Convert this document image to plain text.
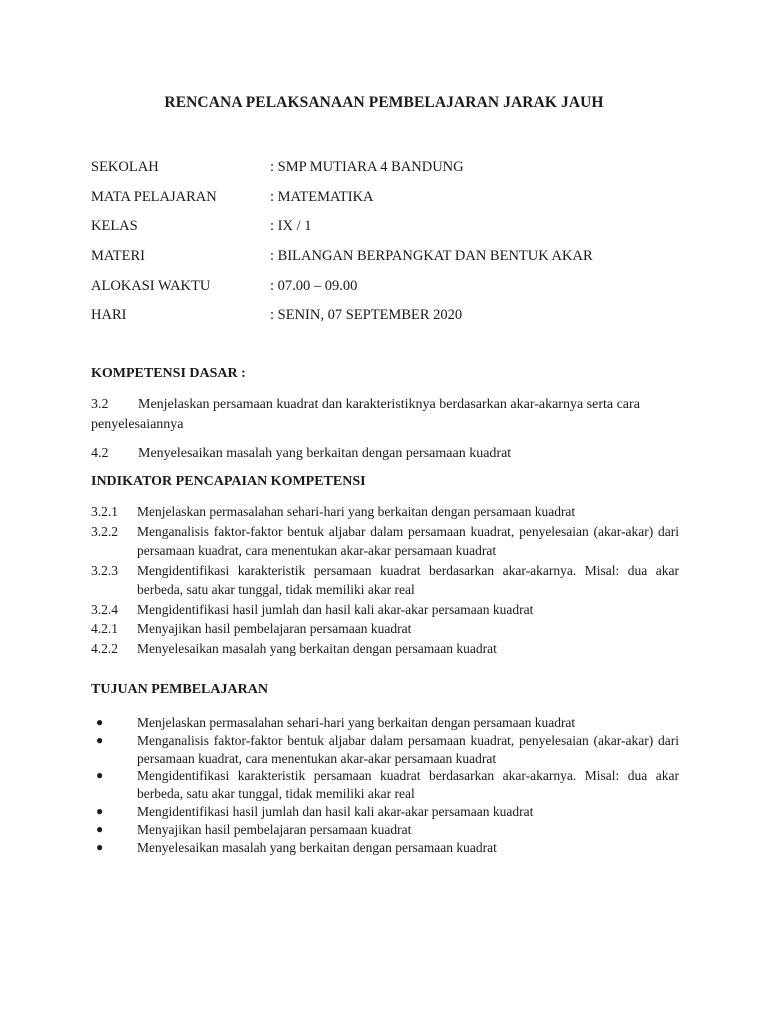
RENCANA PELAKSANAAN PEMBELAJARAN JARAK JAUH
SEKOLAH	: SMP MUTIARA 4 BANDUNG
MATA PELAJARAN	: MATEMATIKA
KELAS	: IX / 1
MATERI	: BILANGAN BERPANGKAT DAN BENTUK AKAR
ALOKASI WAKTU	: 07.00 – 09.00
HARI	: SENIN, 07 SEPTEMBER 2020
KOMPETENSI DASAR :
3.2 Menjelaskan persamaan kuadrat dan karakteristiknya berdasarkan akar-akarnya serta cara penyelesaiannya
4.2 Menyelesaikan masalah yang berkaitan dengan persamaan kuadrat
INDIKATOR PENCAPAIAN KOMPETENSI
3.2.1 Menjelaskan permasalahan sehari-hari yang berkaitan dengan persamaan kuadrat
3.2.2 Menganalisis faktor-faktor bentuk aljabar dalam persamaan kuadrat, penyelesaian (akar-akar) dari persamaan kuadrat, cara menentukan akar-akar persamaan kuadrat
3.2.3 Mengidentifikasi karakteristik persamaan kuadrat berdasarkan akar-akarnya. Misal: dua akar berbeda, satu akar tunggal, tidak memiliki akar real
3.2.4 Mengidentifikasi hasil jumlah dan hasil kali akar-akar persamaan kuadrat
4.2.1 Menyajikan hasil pembelajaran persamaan kuadrat
4.2.2 Menyelesaikan masalah yang berkaitan dengan persamaan kuadrat
TUJUAN PEMBELAJARAN
●	Menjelaskan permasalahan sehari-hari yang berkaitan dengan persamaan kuadrat
●	Menganalisis faktor-faktor bentuk aljabar dalam persamaan kuadrat, penyelesaian (akar-akar) dari persamaan kuadrat, cara menentukan akar-akar persamaan kuadrat
●	Mengidentifikasi karakteristik persamaan kuadrat berdasarkan akar-akarnya. Misal: dua akar berbeda, satu akar tunggal, tidak memiliki akar real
●	Mengidentifikasi hasil jumlah dan hasil kali akar-akar persamaan kuadrat
●	Menyajikan hasil pembelajaran persamaan kuadrat
●	Menyelesaikan masalah yang berkaitan dengan persamaan kuadrat
